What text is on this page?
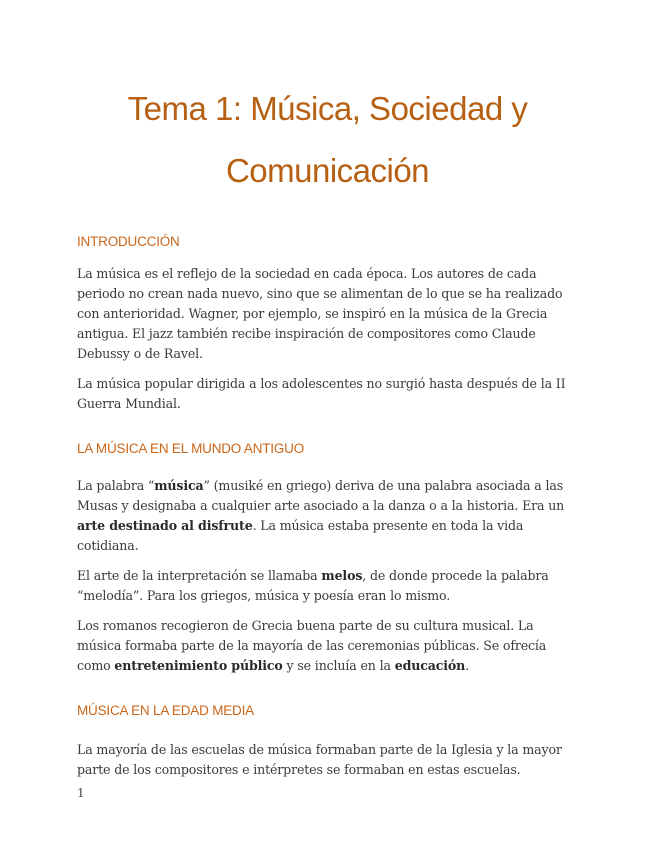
Tema 1: Música, Sociedad y
Comunicación
INTRODUCCIÓN

La música es el reflejo de la sociedad en cada época. Los autores de cada periodo no crean nada nuevo, sino que se alimentan de lo que se ha realizado con anterioridad. Wagner, por ejemplo, se inspiró en la música de la Grecia antigua. El jazz también recibe inspiración de compositores como Claude Debussy o de Ravel.

La música popular dirigida a los adolescentes no surgió hasta después de la II Guerra Mundial.

LA MÚSICA EN EL MUNDO ANTIGUO

La palabra “música” (musiké en griego) deriva de una palabra asociada a las Musas y designaba a cualquier arte asociado a la danza o a la historia. Era un arte destinado al disfrute. La música estaba presente en toda la vida cotidiana.

El arte de la interpretación se llamaba melos, de donde procede la palabra “melodía”. Para los griegos, música y poesía eran lo mismo.

Los romanos recogieron de Grecia buena parte de su cultura musical. La música formaba parte de la mayoría de las ceremonias públicas. Se ofrecía como entretenimiento público y se incluía en la educación.

MÚSICA EN LA EDAD MEDIA

La mayoría de las escuelas de música formaban parte de la Iglesia y la mayor parte de los compositores e intérpretes se formaban en estas escuelas.

1
